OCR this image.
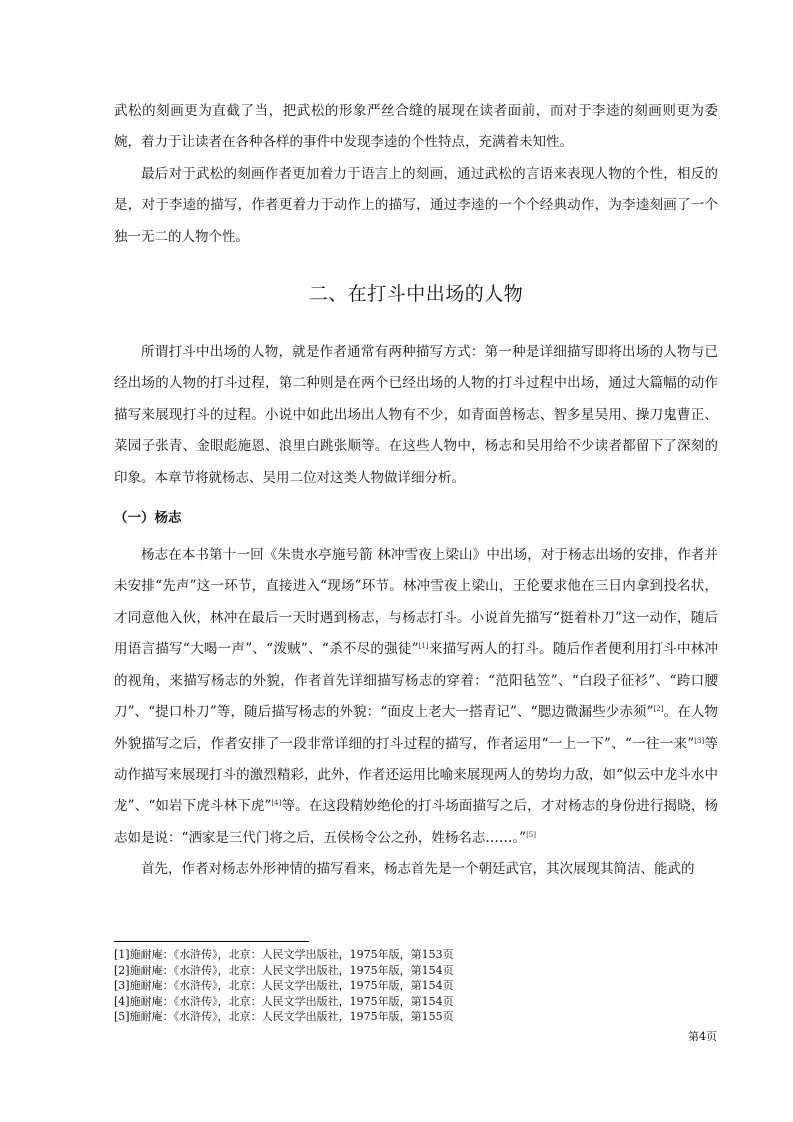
武松的刻画更为直截了当，把武松的形象严丝合缝的展现在读者面前，而对于李逵的刻画则更为委婉，着力于让读者在各种各样的事件中发现李逵的个性特点，充满着未知性。

最后对于武松的刻画作者更加着力于语言上的刻画，通过武松的言语来表现人物的个性，相反的是，对于李逵的描写，作者更着力于动作上的描写，通过李逵的一个个经典动作，为李逵刻画了一个独一无二的人物个性。

二、在打斗中出场的人物

所谓打斗中出场的人物，就是作者通常有两种描写方式：第一种是详细描写即将出场的人物与已经出场的人物的打斗过程，第二种则是在两个已经出场的人物的打斗过程中出场，通过大篇幅的动作描写来展现打斗的过程。小说中如此出场出人物有不少，如青面兽杨志、智多星吴用、操刀鬼曹正、菜园子张青、金眼彪施恩、浪里白跳张顺等。在这些人物中，杨志和吴用给不少读者都留下了深刻的印象。本章节将就杨志、吴用二位对这类人物做详细分析。

（一）杨志

杨志在本书第十一回《朱贵水亭施号箭 林冲雪夜上梁山》中出场，对于杨志出场的安排，作者并未安排“先声”这一环节，直接进入“现场”环节。林冲雪夜上梁山，王伦要求他在三日内拿到投名状，才同意他入伙，林冲在最后一天时遇到杨志，与杨志打斗。小说首先描写“挺着朴刀”这一动作，随后用语言描写“大喝一声”、“泼贼”、“杀不尽的强徒”[1]来描写两人的打斗。随后作者便利用打斗中林冲的视角，来描写杨志的外貌，作者首先详细描写杨志的穿着：“范阳毡笠”、“白段子征衫”、“跨口腰刀”、“提口朴刀”等，随后描写杨志的外貌：“面皮上老大一搭青记”、“腮边微漏些少赤须”[2]。在人物外貌描写之后，作者安排了一段非常详细的打斗过程的描写，作者运用“一上一下”、“一往一来”[3]等动作描写来展现打斗的激烈精彩，此外，作者还运用比喻来展现两人的势均力敌，如“似云中龙斗水中龙”、“如岩下虎斗林下虎”[4]等。在这段精妙绝伦的打斗场面描写之后，才对杨志的身份进行揭晓，杨志如是说：“洒家是三代门将之后，五侯杨令公之孙，姓杨名志……。”[5]

首先，作者对杨志外形神情的描写看来，杨志首先是一个朝廷武官，其次展现其简洁、能武的

[1]施耐庵：《水浒传》，北京：人民文学出版社，1975年版，第153页

[2]施耐庵：《水浒传》，北京：人民文学出版社，1975年版，第154页

[3]施耐庵：《水浒传》，北京：人民文学出版社，1975年版，第154页

[4]施耐庵：《水浒传》，北京：人民文学出版社，1975年版，第154页

[5]施耐庵：《水浒传》，北京：人民文学出版社，1975年版，第155页

第4页
